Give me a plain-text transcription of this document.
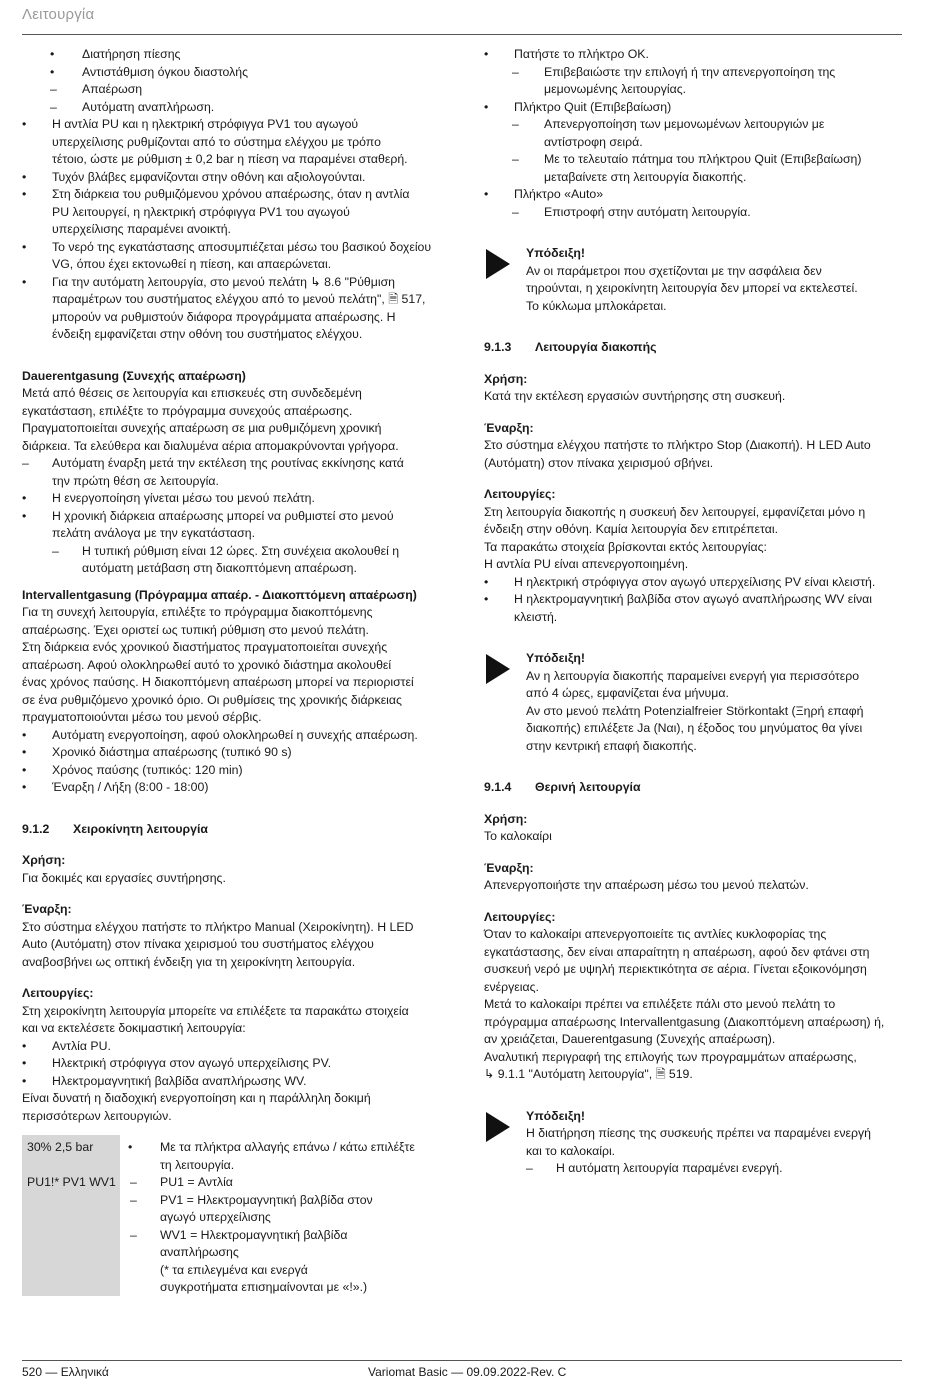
Λειτουργία
•	Διατήρηση πίεσης
•	Αντιστάθμιση όγκου διαστολής
–	Απαέρωση
–	Αυτόματη αναπλήρωση.
•	Η αντλία PU και η ηλεκτρική στρόφιγγα PV1 του αγωγού
υπερχείλισης ρυθμίζονται από το σύστημα ελέγχου με τρόπο
τέτοιο, ώστε με ρύθμιση ± 0,2 bar η πίεση να παραμένει σταθερή.
•	Τυχόν βλάβες εμφανίζονται στην οθόνη και αξιολογούνται.
•	Στη διάρκεια του ρυθμιζόμενου χρόνου απαέρωσης, όταν η αντλία
PU λειτουργεί, η ηλεκτρική στρόφιγγα PV1 του αγωγού
υπερχείλισης παραμένει ανοικτή.
•	Το νερό της εγκατάστασης αποσυμπιέζεται μέσω του βασικού δοχείου
VG, όπου έχει εκτονωθεί η πίεση, και απαερώνεται.
•	Για την αυτόματη λειτουργία, στο μενού πελάτη ↳ 8.6 "Ρύθμιση
παραμέτρων του συστήματος ελέγχου από το μενού πελάτη", 🗎 517,
μπορούν να ρυθμιστούν διάφορα προγράμματα απαέρωσης. Η
ένδειξη εμφανίζεται στην οθόνη του συστήματος ελέγχου.
Dauerentgasung (Συνεχής απαέρωση)
Μετά από θέσεις σε λειτουργία και επισκευές στη συνδεδεμένη
εγκατάσταση, επιλέξτε το πρόγραμμα συνεχούς απαέρωσης.
Πραγματοποιείται συνεχής απαέρωση σε μια ρυθμιζόμενη χρονική
διάρκεια. Τα ελεύθερα και διαλυμένα αέρια απομακρύνονται γρήγορα.
–	Αυτόματη έναρξη μετά την εκτέλεση της ρουτίνας εκκίνησης κατά
την πρώτη θέση σε λειτουργία.
•	Η ενεργοποίηση γίνεται μέσω του μενού πελάτη.
•	Η χρονική διάρκεια απαέρωσης μπορεί να ρυθμιστεί στο μενού
πελάτη ανάλογα με την εγκατάσταση.
–	Η τυπική ρύθμιση είναι 12 ώρες. Στη συνέχεια ακολουθεί η
αυτόματη μετάβαση στη διακοπτόμενη απαέρωση.
Intervallentgasung (Πρόγραμμα απαέρ. - Διακοπτόμενη απαέρωση)
Για τη συνεχή λειτουργία, επιλέξτε το πρόγραμμα διακοπτόμενης
απαέρωσης. Έχει οριστεί ως τυπική ρύθμιση στο μενού πελάτη.
Στη διάρκεια ενός χρονικού διαστήματος πραγματοποιείται συνεχής
απαέρωση. Αφού ολοκληρωθεί αυτό το χρονικό διάστημα ακολουθεί
ένας χρόνος παύσης. Η διακοπτόμενη απαέρωση μπορεί να περιοριστεί
σε ένα ρυθμιζόμενο χρονικό όριο. Οι ρυθμίσεις της χρονικής διάρκειας
πραγματοποιούνται μέσω του μενού σέρβις.
•	Αυτόματη ενεργοποίηση, αφού ολοκληρωθεί η συνεχής απαέρωση.
•	Χρονικό διάστημα απαέρωσης (τυπικό 90 s)
•	Χρόνος παύσης (τυπικός: 120 min)
•	Έναρξη / Λήξη (8:00 - 18:00)
9.1.2 Χειροκίνητη λειτουργία
Χρήση:
Για δοκιμές και εργασίες συντήρησης.
Έναρξη:
Στο σύστημα ελέγχου πατήστε το πλήκτρο Manual (Χειροκίνητη). Η LED
Auto (Αυτόματη) στον πίνακα χειρισμού του συστήματος ελέγχου
αναβοσβήνει ως οπτική ένδειξη για τη χειροκίνητη λειτουργία.
Λειτουργίες:
Στη χειροκίνητη λειτουργία μπορείτε να επιλέξετε τα παρακάτω στοιχεία
και να εκτελέσετε δοκιμαστική λειτουργία:
•	Αντλία PU.
•	Ηλεκτρική στρόφιγγα στον αγωγό υπερχείλισης PV.
•	Ηλεκτρομαγνητική βαλβίδα αναπλήρωσης WV.
Είναι δυνατή η διαδοχική ενεργοποίηση και η παράλληλη δοκιμή
περισσότερων λειτουργιών.
30% 2,5 bar
PU1!* PV1 WV1
•	Με τα πλήκτρα αλλαγής επάνω / κάτω επιλέξτε
τη λειτουργία.
–	PU1 = Αντλία
–	PV1 = Ηλεκτρομαγνητική βαλβίδα στον
αγωγό υπερχείλισης
–	WV1 = Ηλεκτρομαγνητική βαλβίδα
αναπλήρωσης
(* τα επιλεγμένα και ενεργά
συγκροτήματα επισημαίνονται με «!».)
•	Πατήστε το πλήκτρο OK.
–	Επιβεβαιώστε την επιλογή ή την απενεργοποίηση της
μεμονωμένης λειτουργίας.
•	Πλήκτρο Quit (Επιβεβαίωση)
–	Απενεργοποίηση των μεμονωμένων λειτουργιών με
αντίστροφη σειρά.
–	Με το τελευταίο πάτημα του πλήκτρου Quit (Επιβεβαίωση)
μεταβαίνετε στη λειτουργία διακοπής.
•	Πλήκτρο «Auto»
–	Επιστροφή στην αυτόματη λειτουργία.
Υπόδειξη!
Αν οι παράμετροι που σχετίζονται με την ασφάλεια δεν
τηρούνται, η χειροκίνητη λειτουργία δεν μπορεί να εκτελεστεί.
Το κύκλωμα μπλοκάρεται.
9.1.3 Λειτουργία διακοπής
Χρήση:
Κατά την εκτέλεση εργασιών συντήρησης στη συσκευή.
Έναρξη:
Στο σύστημα ελέγχου πατήστε το πλήκτρο Stop (Διακοπή). Η LED Auto
(Αυτόματη) στον πίνακα χειρισμού σβήνει.
Λειτουργίες:
Στη λειτουργία διακοπής η συσκευή δεν λειτουργεί, εμφανίζεται μόνο η
ένδειξη στην οθόνη. Καμία λειτουργία δεν επιτρέπεται.
Τα παρακάτω στοιχεία βρίσκονται εκτός λειτουργίας:
Η αντλία PU είναι απενεργοποιημένη.
•	Η ηλεκτρική στρόφιγγα στον αγωγό υπερχείλισης PV είναι κλειστή.
•	Η ηλεκτρομαγνητική βαλβίδα στον αγωγό αναπλήρωσης WV είναι
κλειστή.
Υπόδειξη!
Αν η λειτουργία διακοπής παραμείνει ενεργή για περισσότερο
από 4 ώρες, εμφανίζεται ένα μήνυμα.
Αν στο μενού πελάτη Potenzialfreier Störkontakt (Ξηρή επαφή
διακοπής) επιλέξετε Ja (Ναι), η έξοδος του μηνύματος θα γίνει
στην κεντρική επαφή διακοπής.
9.1.4 Θερινή λειτουργία
Χρήση:
Το καλοκαίρι
Έναρξη:
Απενεργοποιήστε την απαέρωση μέσω του μενού πελατών.
Λειτουργίες:
Όταν το καλοκαίρι απενεργοποιείτε τις αντλίες κυκλοφορίας της
εγκατάστασης, δεν είναι απαραίτητη η απαέρωση, αφού δεν φτάνει στη
συσκευή νερό με υψηλή περιεκτικότητα σε αέρια. Γίνεται εξοικονόμηση
ενέργειας.
Μετά το καλοκαίρι πρέπει να επιλέξετε πάλι στο μενού πελάτη το
πρόγραμμα απαέρωσης Intervallentgasung (Διακοπτόμενη απαέρωση) ή,
αν χρειάζεται, Dauerentgasung (Συνεχής απαέρωση).
Αναλυτική περιγραφή της επιλογής των προγραμμάτων απαέρωσης,
↳ 9.1.1 "Αυτόματη λειτουργία", 🗎 519.
Υπόδειξη!
Η διατήρηση πίεσης της συσκευής πρέπει να παραμένει ενεργή
και το καλοκαίρι.
–	Η αυτόματη λειτουργία παραμένει ενεργή.
520 — Ελληνικά	Variomat Basic — 09.09.2022-Rev. C
